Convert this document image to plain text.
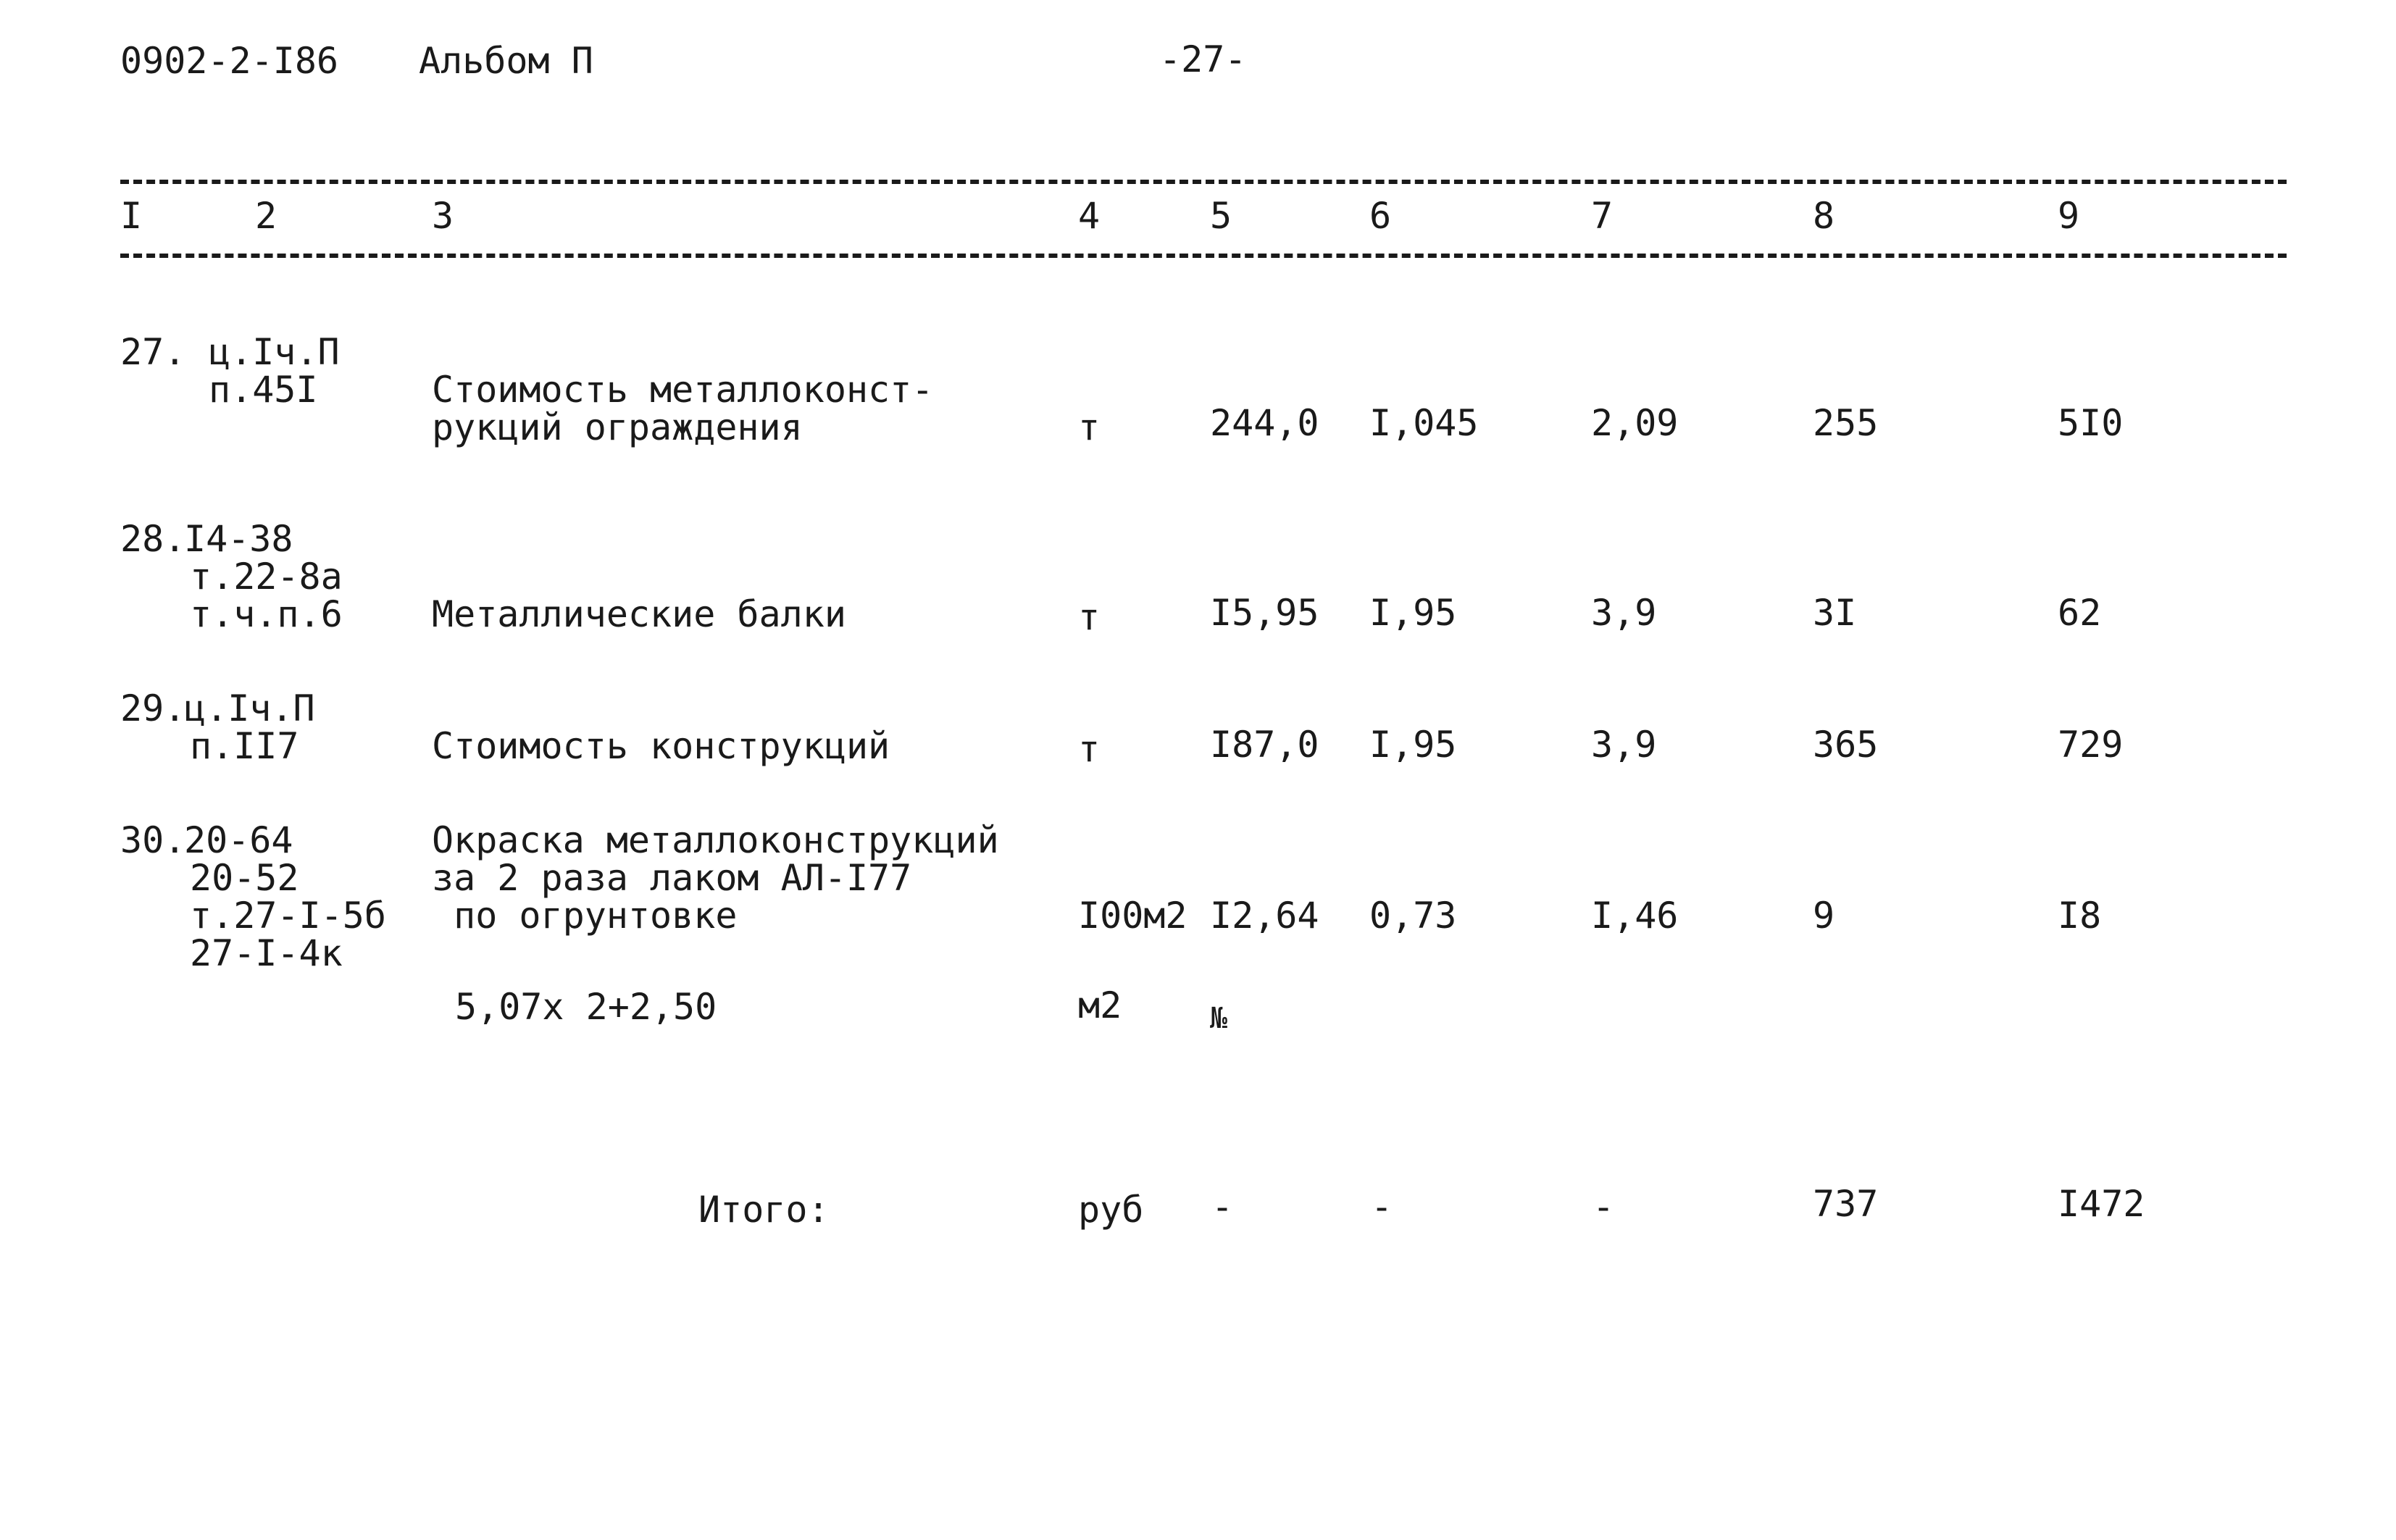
0902-2-I86 Альбом П	-27-
I	2	3	4	5	6	7	8	9
27. ц.Iч.П
п.45I	Стоимость металлоконст-
рукций ограждения	т	244,0 I,045	2,09	255	5I0
28.
I4-38
т.22-8а
т.ч.п.6 Металлические балки	т	I5,95 I,95	3,9	3I	62
29.
ц.Iч.П
п.II7	Стоимость конструкций	т	I87,0 I,95	3,9	365	729
30.
20-64
20-52
т.27-I-5б
27-I-4к
Окраска металлоконструкций
за 2 раза лаком АЛ-I77
по огрунтовке	I00м2 I2,64 0,73	I,46	9	I8
5,07х 2+2,50	м2	№
Итого:	руб -	-	-	737	I472
